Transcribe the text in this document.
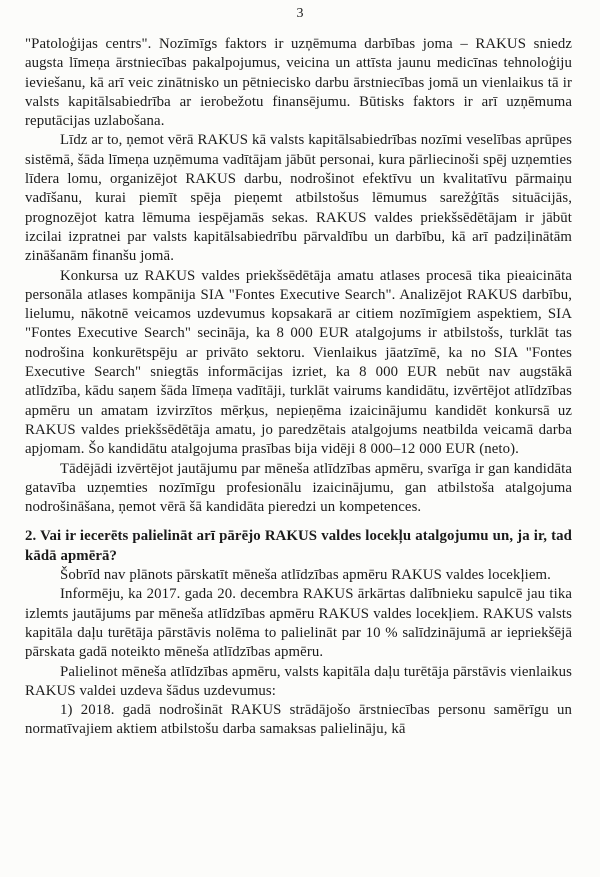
3

"Patoloģijas centrs". Nozīmīgs faktors ir uzņēmuma darbības joma – RAKUS sniedz augsta līmeņa ārstniecības pakalpojumus, veicina un attīsta jaunu medicīnas tehnoloģiju ieviešanu, kā arī veic zinātnisko un pētniecisko darbu ārstniecības jomā un vienlaikus tā ir valsts kapitālsabiedrība ar ierobežotu finansējumu. Būtisks faktors ir arī uzņēmuma reputācijas uzlabošana.

Līdz ar to, ņemot vērā RAKUS kā valsts kapitālsabiedrības nozīmi veselības aprūpes sistēmā, šāda līmeņa uzņēmuma vadītājam jābūt personai, kura pārliecinoši spēj uzņemties līdera lomu, organizējot RAKUS darbu, nodrošinot efektīvu un kvalitatīvu pārmaiņu vadīšanu, kurai piemīt spēja pieņemt atbilstošus lēmumus sarežģītās situācijās, prognozējot katra lēmuma iespējamās sekas. RAKUS valdes priekšsēdētājam ir jābūt izcilai izpratnei par valsts kapitālsabiedrību pārvaldību un darbību, kā arī padziļinātām zināšanām finanšu jomā.

Konkursa uz RAKUS valdes priekšsēdētāja amatu atlases procesā tika pieaicināta personāla atlases kompānija SIA "Fontes Executive Search". Analizējot RAKUS darbību, lielumu, nākotnē veicamos uzdevumus kopsakarā ar citiem nozīmīgiem aspektiem, SIA "Fontes Executive Search" secināja, ka 8 000 EUR atalgojums ir atbilstošs, turklāt tas nodrošina konkurētspēju ar privāto sektoru. Vienlaikus jāatzīmē, ka no SIA "Fontes Executive Search" sniegtās informācijas izriet, ka 8 000 EUR nebūt nav augstākā atlīdzība, kādu saņem šāda līmeņa vadītāji, turklāt vairums kandidātu, izvērtējot atlīdzības apmēru un amatam izvirzītos mērķus, nepieņēma izaicinājumu kandidēt konkursā uz RAKUS valdes priekšsēdētāja amatu, jo paredzētais atalgojums neatbilda veicamā darba apjomam. Šo kandidātu atalgojuma prasības bija vidēji 8 000–12 000 EUR (neto).

Tādējādi izvērtējot jautājumu par mēneša atlīdzības apmēru, svarīga ir gan kandidāta gatavība uzņemties nozīmīgu profesionālu izaicinājumu, gan atbilstoša atalgojuma nodrošināšana, ņemot vērā šā kandidāta pieredzi un kompetences.

2. Vai ir iecerēts palielināt arī pārējo RAKUS valdes locekļu atalgojumu un, ja ir, tad kādā apmērā?

Šobrīd nav plānots pārskatīt mēneša atlīdzības apmēru RAKUS valdes locekļiem.

Informēju, ka 2017. gada 20. decembra RAKUS ārkārtas dalībnieku sapulcē jau tika izlemts jautājums par mēneša atlīdzības apmēru RAKUS valdes locekļiem. RAKUS valsts kapitāla daļu turētāja pārstāvis nolēma to palielināt par 10 % salīdzinājumā ar iepriekšējā pārskata gadā noteikto mēneša atlīdzības apmēru.

Palielinot mēneša atlīdzības apmēru, valsts kapitāla daļu turētāja pārstāvis vienlaikus RAKUS valdei uzdeva šādus uzdevumus:

1) 2018. gadā nodrošināt RAKUS strādājošo ārstniecības personu samērīgu un normatīvajiem aktiem atbilstošu darba samaksas palielināju, kā
